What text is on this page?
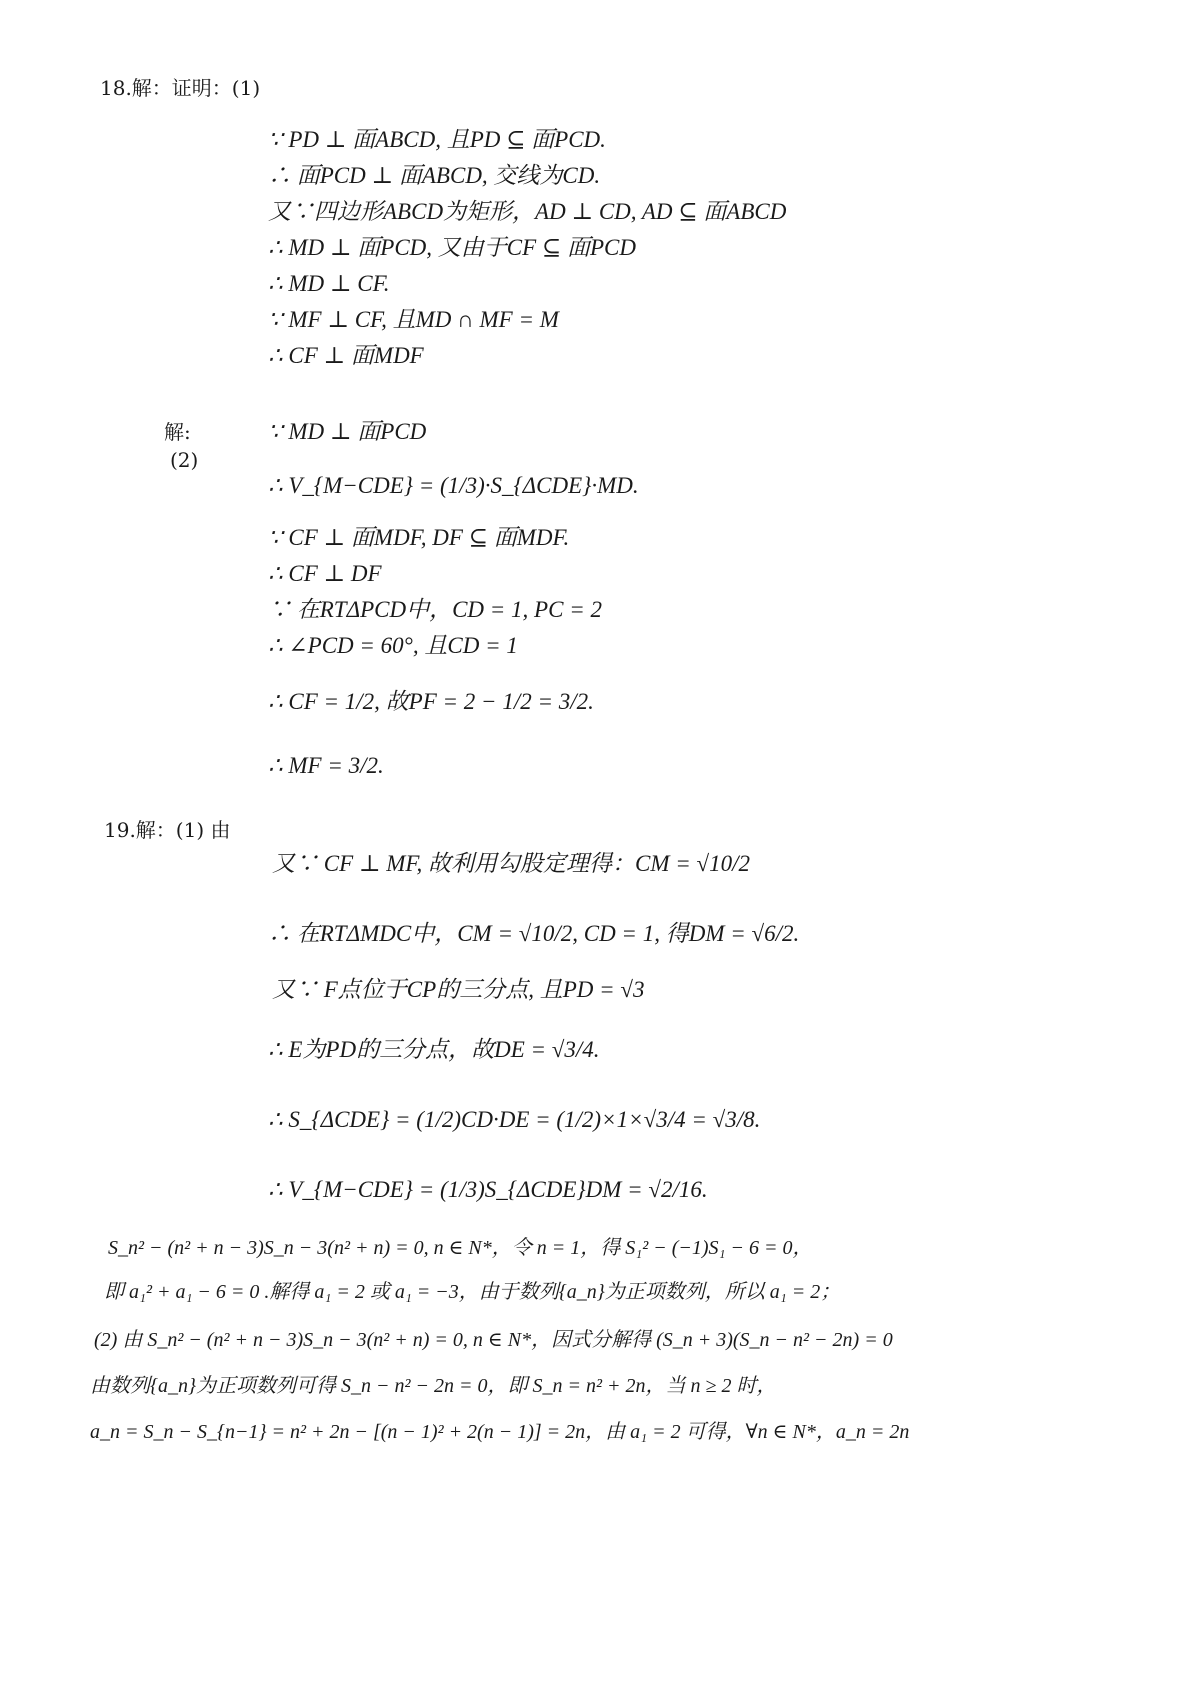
18.解：证明：(1)
∵ PD ⊥ 面ABCD, 且PD ⊆ 面PCD.
∴ 面PCD ⊥ 面ABCD, 交线为CD.
又∵四边形ABCD为矩形，AD ⊥ CD, AD ⊆ 面ABCD
∴ MD ⊥ 面PCD, 又由于CF ⊆ 面PCD
∴ MD ⊥ CF.
∵ MF ⊥ CF, 且MD ∩ MF = M
∴ CF ⊥ 面MDF
解:
(2)
∵ MD ⊥ 面PCD
∴ V_{M−CDE} = (1/3)·S_{ΔCDE}·MD.
∵ CF ⊥ 面MDF, DF ⊆ 面MDF.
∴ CF ⊥ DF
∵ 在RTΔPCD中，CD = 1, PC = 2
∴ ∠PCD = 60°, 且CD = 1
∴ CF = 1/2, 故PF = 2 − 1/2 = 3/2.
∴ MF = 3/2.
19.解：(1) 由
又∵ CF ⊥ MF, 故利用勾股定理得：CM = √10/2
∴ 在RTΔMDC中，CM = √10/2, CD = 1, 得DM = √6/2.
又∵ F点位于CP的三分点, 且PD = √3
∴ E为PD的三分点，故DE = √3/4.
∴ S_{ΔCDE} = (1/2)CD·DE = (1/2)×1×√3/4 = √3/8.
∴ V_{M−CDE} = (1/3)S_{ΔCDE}DM = √2/16.
S_n² − (n² + n − 3)S_n − 3(n² + n) = 0, n ∈ N*，令 n = 1，得 S₁² − (−1)S₁ − 6 = 0，
即 a₁² + a₁ − 6 = 0 .解得 a₁ = 2 或 a₁ = −3，由于数列{a_n}为正项数列，所以 a₁ = 2；
(2) 由 S_n² − (n² + n − 3)S_n − 3(n² + n) = 0, n ∈ N*，因式分解得 (S_n + 3)(S_n − n² − 2n) = 0
由数列{a_n}为正项数列可得 S_n − n² − 2n = 0，即 S_n = n² + 2n，当 n ≥ 2 时，
a_n = S_n − S_{n−1} = n² + 2n − [(n − 1)² + 2(n − 1)] = 2n，由 a₁ = 2 可得，∀n ∈ N*，a_n = 2n
